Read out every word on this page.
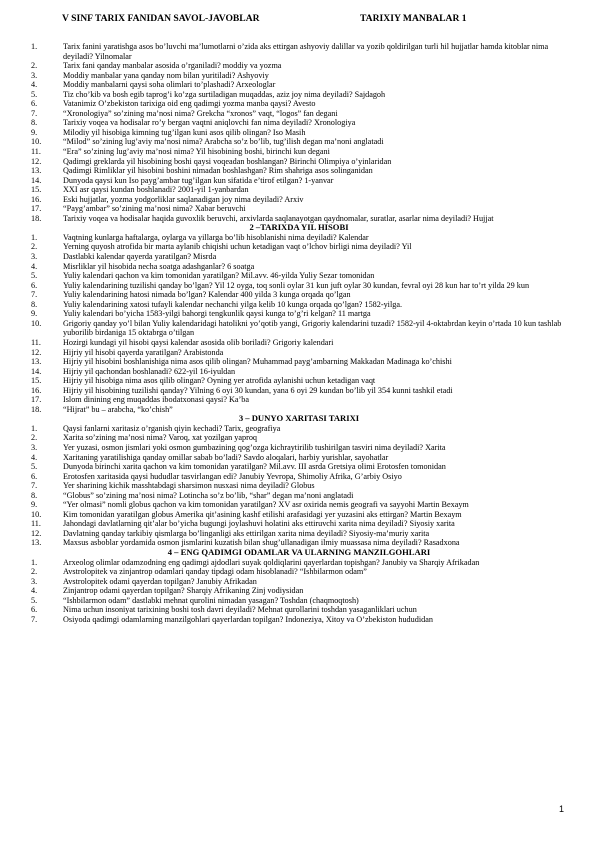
V SINF TARIX FANIDAN SAVOL-JAVOBLAR	TARIXIY MANBALAR 1
1.	Tarix fanini yaratishga asos bo’luvchi ma’lumotlarni o’zida aks ettirgan ashyoviy dalillar va yozib qoldirilgan turli hil hujjatlar hamda kitoblar nima deyiladi? Yilnomalar
2.	Tarix fani qanday manbalar asosida o’rganiladi? moddiy va yozma
3.	Moddiy manbalar yana qanday nom bilan yuritiladi? Ashyoviy
4.	Moddiy manbalarni qaysi soha olimlari to’plashadi? Arxeologlar
5.	Tiz cho’kib va bosh egib taprog’i ko’zga surtiladigan muqaddas, aziz joy nima deyiladi? Sajdagoh
6.	Vatanimiz O’zbekiston tarixiga oid eng qadimgi yozma manba qaysi? Avesto
7.	“Xronologiya” so’zining ma’nosi nima? Grekcha “xronos” vaqt, “logos” fan degani
8.	Tarixiy voqea va hodisalar ro’y bergan vaqtni aniqlovchi fan nima deyiladi? Xronologiya
9.	Milodiy yil hisobiga kimning tug’ilgan kuni asos qilib olingan? Iso Masih
10.	“Milod” so’zining lug’aviy ma’nosi nima? Arabcha so’z bo’lib, tug’ilish degan ma’noni anglatadi
11.	“Era” so’zining lug’aviy ma’nosi nima? Yil hisobining boshi, birinchi kun degani
12.	Qadimgi greklarda yil hisobining boshi qaysi voqeadan boshlangan? Birinchi Olimpiya o’yinlaridan
13.	Qadimgi Rimliklar yil hisobini boshini nimadan boshlashgan? Rim shahriga asos solinganidan
14.	Dunyoda qaysi kun Iso payg’ambar tug’ilgan kun sifatida e’tirof etilgan? 1-yanvar
15.	XXI asr qaysi kundan boshlanadi? 2001-yil 1-yanbardan
16.	Eski hujjatlar, yozma yodgorliklar saqlanadigan joy nima deyiladi? Arxiv
17.	“Payg’ambar” so’zining ma’nosi nima? Xabar beruvchi
18.	Tarixiy voqea va hodisalar haqida guvoxlik beruvchi, arxivlarda saqlanayotgan qaydnomalar, suratlar, asarlar nima deyiladi? Hujjat
2 –TARIXDA YIL HISOBI
1.	Vaqtning kunlarga haftalarga, oylarga va yillarga bo’lib hisoblanishi nima deyiladi? Kalendar
2.	Yerning quyosh atrofida bir marta aylanib chiqishi uchun ketadigan vaqt o’lchov birligi nima deyiladi? Yil
3.	Dastlabki kalendar qayerda yaratilgan? Misrda
4.	Misrliklar yil hisobida necha soatga adashganlar? 6 soatga
5.	Yuliy kalendari qachon va kim tomonidan yaratilgan? Mil.avv. 46-yilda Yuliy Sezar tomonidan
6.	Yuliy kalendarining tuzilishi qanday bo’lgan? Yil 12 oyga, toq sonli oylar 31 kun juft oylar 30 kundan, fevral oyi 28 kun har to’rt yilda 29 kun
7.	Yuliy kalendarining hatosi nimada bo’lgan? Kalendar 400 yilda 3 kunga orqada qo’lgan
8.	Yuliy kalendarining xatosi tufayli kalendar nechanchi yilga kelib 10 kunga orqada qo’lgan? 1582-yilga.
9.	Yuliy kalendari bo’yicha 1583-yilgi bahorgi tengkunlik qaysi kunga to’g’ri kelgan? 11 martga
10.	Grigoriy qanday yo’l bilan Yuliy kalendaridagi hatolikni yo’qotib yangi, Grigoriy kalendarini tuzadi? 1582-yil 4-oktabrdan keyin o’rtada 10 kun tashlab yuborilib birdaniga 15 oktabrga o’tilgan
11.	Hozirgi kundagi yil hisobi qaysi kalendar asosida olib boriladi? Grigoriy kalendari
12.	Hijriy yil hisobi qayerda yaratilgan? Arabistonda
13.	Hijriy yil hisobini boshlanishiga nima asos qilib olingan? Muhammad payg’ambarning Makkadan Madinaga ko’chishi
14.	Hijriy yil qachondan boshlanadi? 622-yil 16-iyuldan
15.	Hijriy yil hisobiga nima asos qilib olingan? Oyning yer atrofida aylanishi uchun ketadigan vaqt
16.	Hijriy yil hisobining tuzilishi qanday? Yilning 6 oyi 30 kundan, yana 6 oyi 29 kundan bo’lib yil 354 kunni tashkil etadi
17.	Islom dinining eng muqaddas ibodatxonasi qaysi? Ka’ba
18.	“Hijrat” bu – arabcha, “ko’chish”
3 – DUNYO XARITASI TARIXI
1.	Qaysi fanlarni xaritasiz o’rganish qiyin kechadi? Tarix, geografiya
2.	Xarita so’zining ma’nosi nima? Varoq, xat yozilgan yaproq
3.	Yer yuzasi, osmon jismlari yoki osmon gumbazining qog’ozga kichraytirilib tushirilgan tasviri nima deyiladi? Xarita
4.	Xaritaning yaratilishiga qanday omillar sabab bo’ladi? Savdo aloqalari, harbiy yurishlar, sayohatlar
5.	Dunyoda birinchi xarita qachon va kim tomonidan yaratilgan? Mil.avv. III asrda Gretsiya olimi Erotosfen tomonidan
6.	Erotosfen xaritasida qaysi hududlar tasvirlangan edi? Janubiy Yevropa, Shimoliy Afrika, G’arbiy Osiyo
7.	Yer sharining kichik masshtabdagi sharsimon nusxasi nima deyiladi? Globus
8.	“Globus” so’zining ma’nosi nima? Lotincha so’z bo’lib, “shar” degan ma’noni anglatadi
9.	“Yer olmasi” nomli globus qachon va kim tomonidan yaratilgan? XV asr oxirida nemis geografi va sayyohi Martin Bexaym
10.	Kim tomonidan yaratilgan globus Amerika qit’asining kashf etilishi arafasidagi yer yuzasini aks ettirgan? Martin Bexaym
11.	Jahondagi davlatlarning qit’alar bo’yicha bugungi joylashuvi holatini aks ettiruvchi xarita nima deyiladi? Siyosiy xarita
12.	Davlatning qanday tarkibiy qismlarga bo’linganligi aks ettirilgan xarita nima deyiladi? Siyosiy-ma’muriy xarita
13.	Maxsus asboblar yordamida osmon jismlarini kuzatish bilan shug’ullanadigan ilmiy muassasa nima deyiladi? Rasadxona
4 – ENG QADIMGI ODAMLAR VA ULARNING MANZILGOHLARI
1.	Arxeolog olimlar odamzodning eng qadimgi ajdodlari suyak qoldiqlarini qayerlardan topishgan? Janubiy va Sharqiy Afrikadan
2.	Avstrolopitek va zinjantrop odamlari qanday tipdagi odam hisoblanadi? “Ishbilarmon odam”
3.	Avstrolopitek odami qayerdan topilgan? Janubiy Afrikadan
4.	Zinjantrop odami qayerdan topilgan? Sharqiy Afrikaning Zinj vodiysidan
5.	“Ishbilarmon odam” dastlabki mehnat qurolini nimadan yasagan? Toshdan (chaqmoqtosh)
6.	Nima uchun insoniyat tarixining boshi tosh davri deyiladi? Mehnat qurollarini toshdan yasaganliklari uchun
7.	Osiyoda qadimgi odamlarning manzilgohlari qayerlardan topilgan? Indoneziya, Xitoy va O’zbekiston hududidan
1
